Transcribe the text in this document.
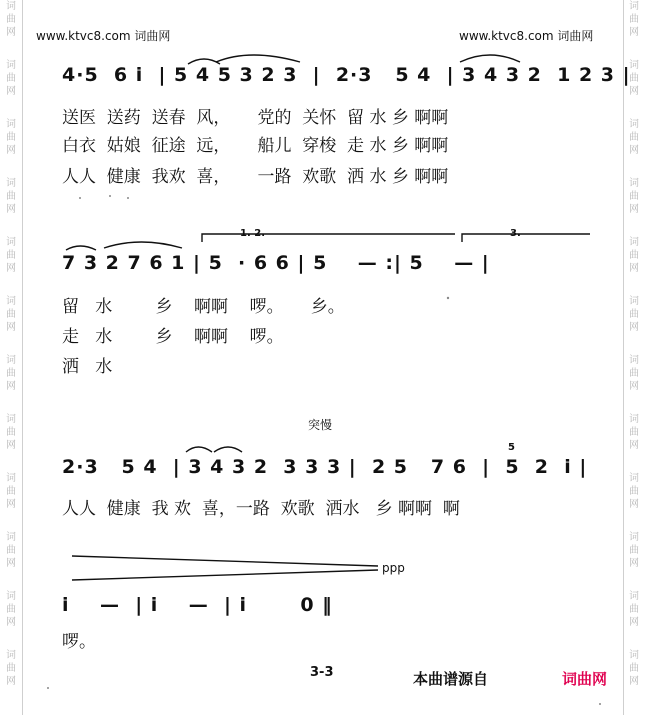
词
曲
网
词
曲
网
词
曲
网
词
曲
网
词
曲
网
词
曲
网
词
曲
网
词
曲
网
词
曲
网
词
曲
网
词
曲
网
词
曲
网
词
曲
网
词
曲
网
词
曲
网
词
曲
网
词
曲
网
词
曲
网
词
曲
网
词
曲
网
词
曲
网
词
曲
网
词
曲
网
词
曲
网
www.ktvc8.com 词曲网	www.ktvc8.com 词曲网
4·5  6 i  | 5 4 5 3 2 3  |  2·3   5 4  | 3 4 3 2  1 2 3 |
送医  送药  送春  风，     党的  关怀  留 水 乡 啊啊
白衣  姑娘  征途  远，     船儿  穿梭  走 水 乡 啊啊
人人  健康  我欢  喜，     一路  欢歌  洒 水 乡 啊啊
1. 2.	3.
7 3 2 7 6 1 | 5  · 6 6 | 5    — :| 5    — |
留   水        乡    啊啊    啰。     乡。
走   水        乡    啊啊    啰。
洒   水
突慢
5
2·3   5 4  | 3 4 3 2  3 3 3 |  2 5   7 6  |  5  2  i |
人人  健康  我 欢  喜，一路  欢歌  洒水   乡 啊啊  啊
ppp
i    —  | i    —  | i       0 ‖
啰。
3-3	本曲谱源自	词曲网
